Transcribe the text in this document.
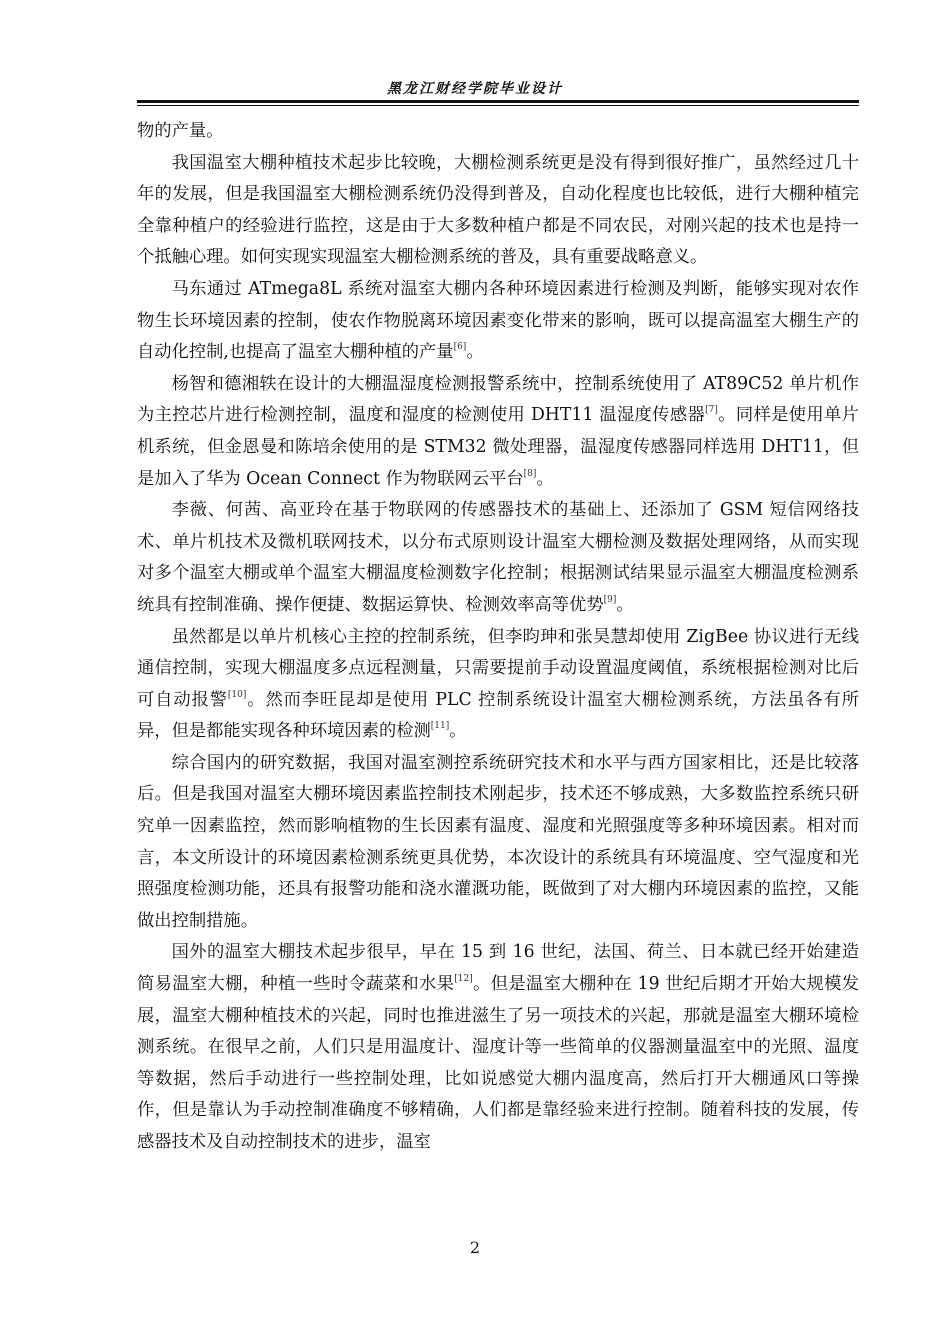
黑龙江财经学院毕业设计

物的产量。

我国温室大棚种植技术起步比较晚，大棚检测系统更是没有得到很好推广，虽然经过几十年的发展，但是我国温室大棚检测系统仍没得到普及，自动化程度也比较低，进行大棚种植完全靠种植户的经验进行监控，这是由于大多数种植户都是不同农民，对刚兴起的技术也是持一个抵触心理。如何实现实现温室大棚检测系统的普及，具有重要战略意义。

马东通过 ATmega8L 系统对温室大棚内各种环境因素进行检测及判断，能够实现对农作物生长环境因素的控制，使农作物脱离环境因素变化带来的影响，既可以提高温室大棚生产的自动化控制,也提高了温室大棚种植的产量[6]。

杨智和德湘轶在设计的大棚温湿度检测报警系统中，控制系统使用了 AT89C52 单片机作为主控芯片进行检测控制，温度和湿度的检测使用 DHT11 温湿度传感器[7]。同样是使用单片机系统，但金恩曼和陈培余使用的是 STM32 微处理器，温湿度传感器同样选用 DHT11，但是加入了华为 Ocean Connect 作为物联网云平台[8]。

李薇、何茜、高亚玲在基于物联网的传感器技术的基础上、还添加了 GSM 短信网络技术、单片机技术及微机联网技术，以分布式原则设计温室大棚检测及数据处理网络，从而实现对多个温室大棚或单个温室大棚温度检测数字化控制；根据测试结果显示温室大棚温度检测系统具有控制准确、操作便捷、数据运算快、检测效率高等优势[9]。

虽然都是以单片机核心主控的控制系统，但李昀珅和张昊慧却使用 ZigBee 协议进行无线通信控制，实现大棚温度多点远程测量，只需要提前手动设置温度阈值，系统根据检测对比后可自动报警[10]。然而李旺昆却是使用 PLC 控制系统设计温室大棚检测系统，方法虽各有所异，但是都能实现各种环境因素的检测[11]。

综合国内的研究数据，我国对温室测控系统研究技术和水平与西方国家相比，还是比较落后。但是我国对温室大棚环境因素监控制技术刚起步，技术还不够成熟，大多数监控系统只研究单一因素监控，然而影响植物的生长因素有温度、湿度和光照强度等多种环境因素。相对而言，本文所设计的环境因素检测系统更具优势，本次设计的系统具有环境温度、空气湿度和光照强度检测功能，还具有报警功能和浇水灌溉功能，既做到了对大棚内环境因素的监控，又能做出控制措施。

国外的温室大棚技术起步很早，早在 15 到 16 世纪，法国、荷兰、日本就已经开始建造简易温室大棚，种植一些时令蔬菜和水果[12]。但是温室大棚种在 19 世纪后期才开始大规模发展，温室大棚种植技术的兴起，同时也推进滋生了另一项技术的兴起，那就是温室大棚环境检测系统。在很早之前，人们只是用温度计、湿度计等一些简单的仪器测量温室中的光照、温度等数据，然后手动进行一些控制处理，比如说感觉大棚内温度高，然后打开大棚通风口等操作，但是靠认为手动控制准确度不够精确，人们都是靠经验来进行控制。随着科技的发展，传感器技术及自动控制技术的进步，温室

2
